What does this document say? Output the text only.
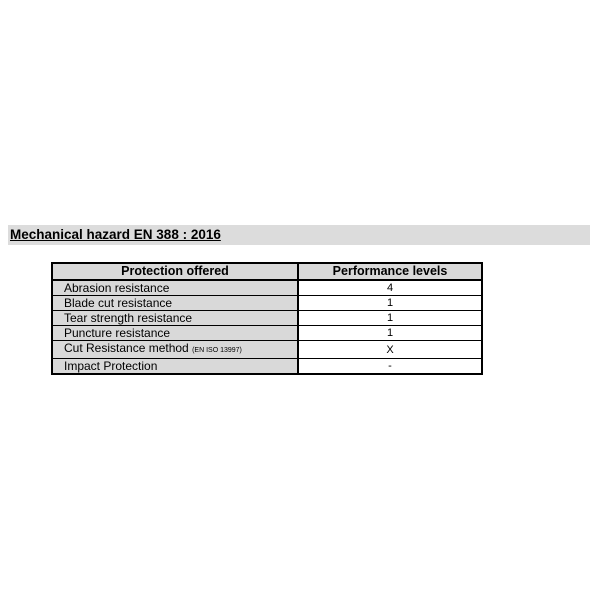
Mechanical hazard EN 388 : 2016
Protection offered	Performance levels
Abrasion resistance	4
Blade cut resistance	1
Tear strength resistance	1
Puncture resistance	1
Cut Resistance method (EN ISO 13997)	X
Impact Protection	-
